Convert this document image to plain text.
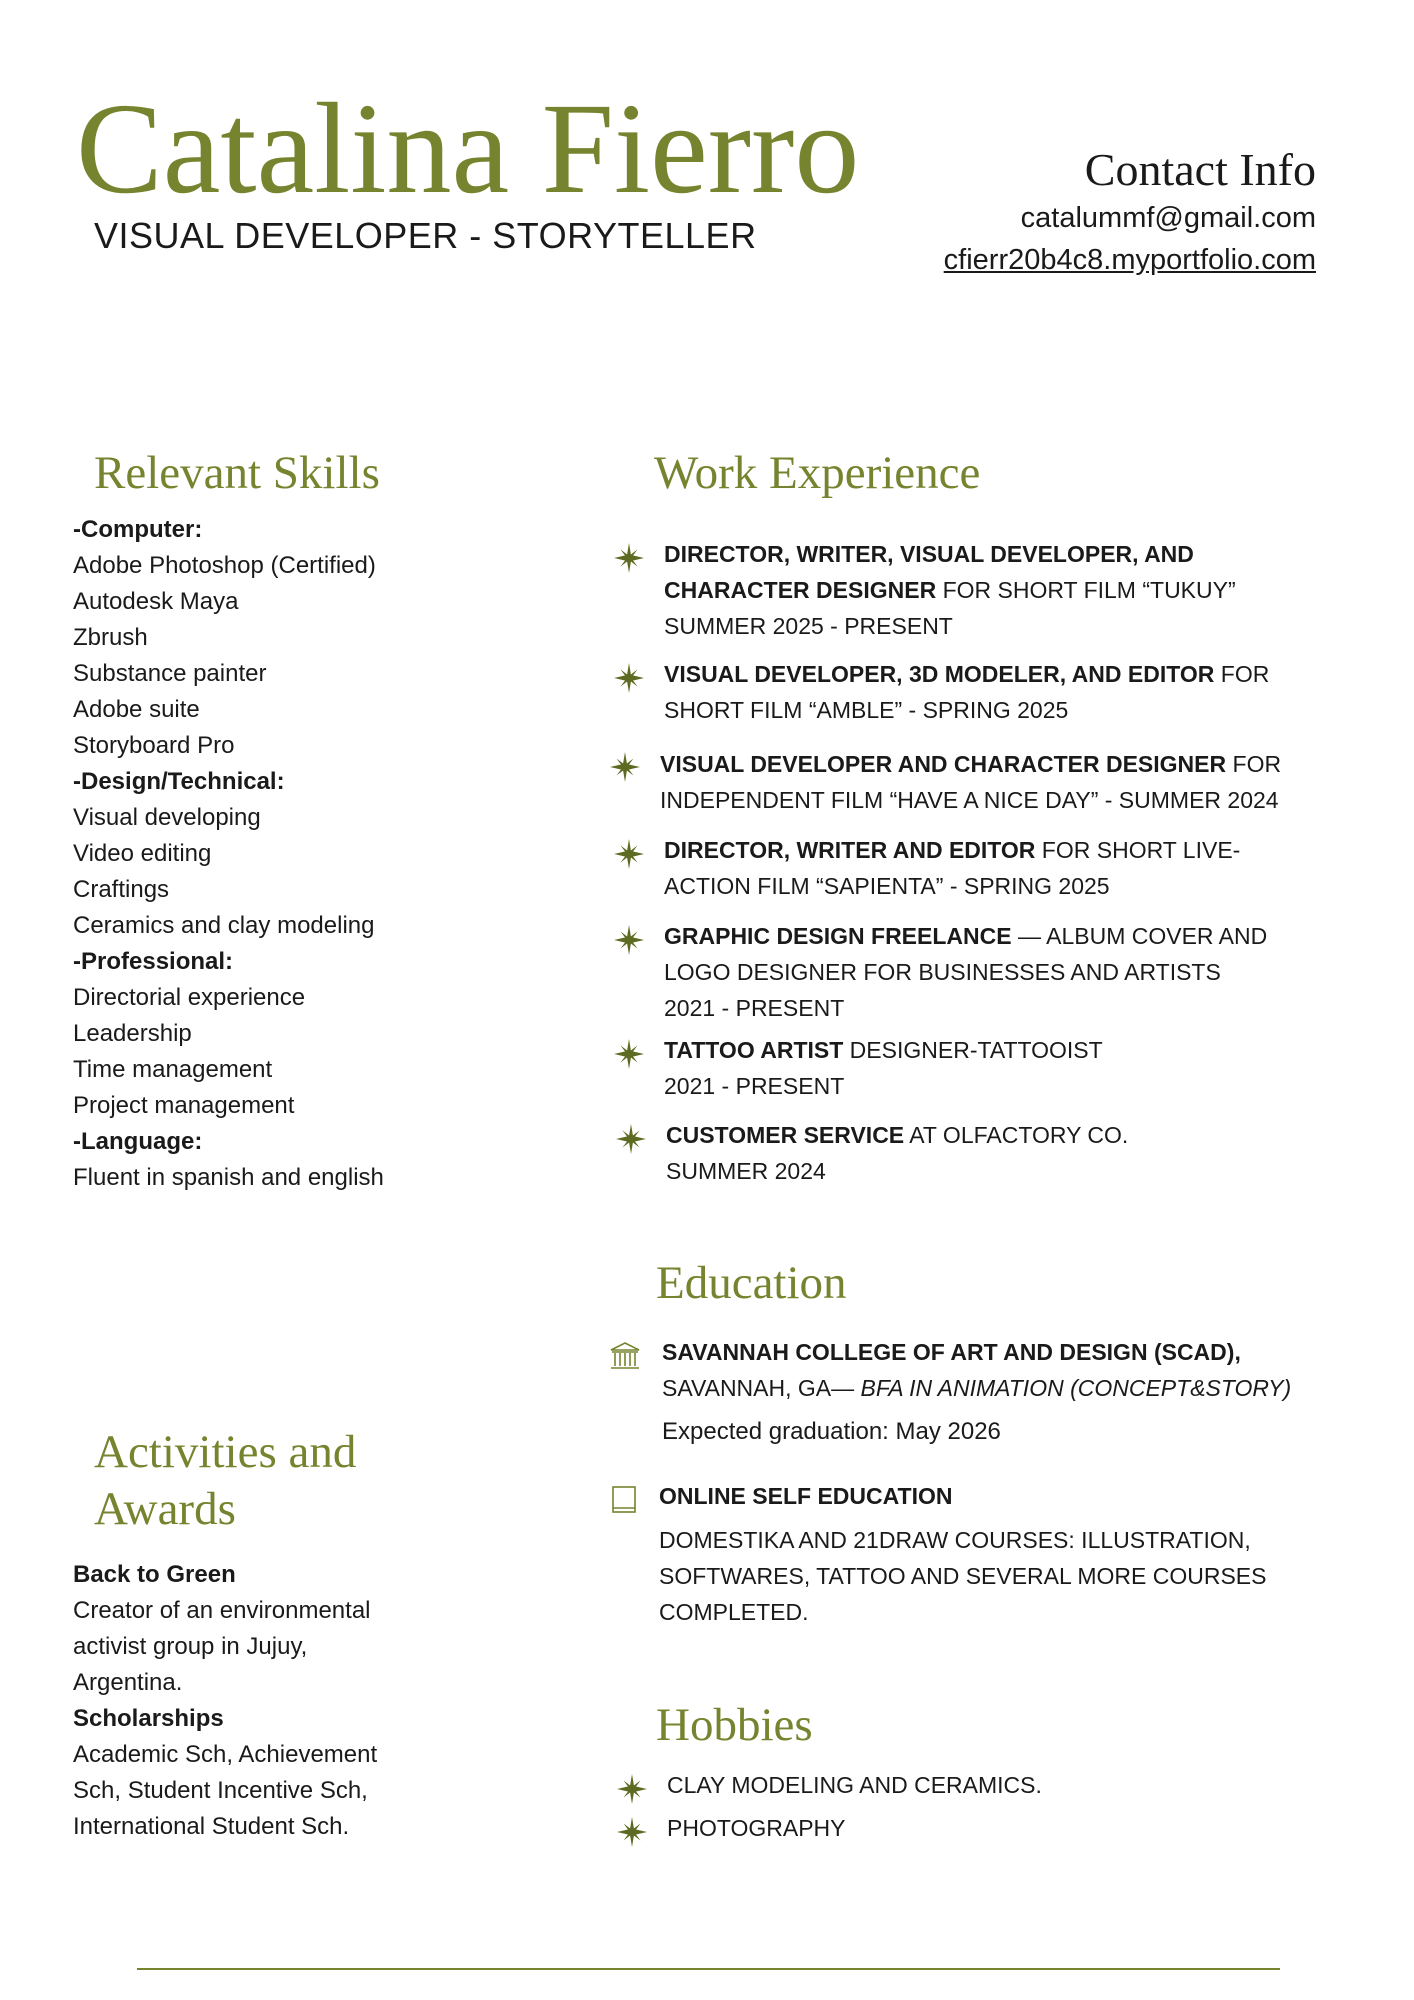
Catalina Fierro
VISUAL DEVELOPER - STORYTELLER
Contact Info
catalummf@gmail.com
cfierr20b4c8.myportfolio.com
Relevant Skills
-Computer:
Adobe Photoshop (Certified)
Autodesk Maya
Zbrush
Substance painter
Adobe suite
Storyboard Pro
-Design/Technical:
Visual developing
Video editing
Craftings
Ceramics and clay modeling
-Professional:
Directorial experience
Leadership
Time management
Project management
-Language:
Fluent in spanish and english
Activities and
Awards
Back to Green
Creator of an environmental
activist group in Jujuy,
Argentina.
Scholarships
Academic Sch, Achievement
Sch, Student Incentive Sch,
International Student Sch.
Work Experience
DIRECTOR, WRITER, VISUAL DEVELOPER, AND
CHARACTER DESIGNER FOR SHORT FILM “TUKUY”
SUMMER 2025 - PRESENT
VISUAL DEVELOPER, 3D MODELER, AND EDITOR FOR
SHORT FILM “AMBLE” - SPRING 2025
VISUAL DEVELOPER AND CHARACTER DESIGNER FOR
INDEPENDENT FILM “HAVE A NICE DAY” - SUMMER 2024
DIRECTOR, WRITER AND EDITOR FOR SHORT LIVE-
ACTION FILM “SAPIENTA” - SPRING 2025
GRAPHIC DESIGN FREELANCE — ALBUM COVER AND
LOGO DESIGNER FOR BUSINESSES AND ARTISTS
2021 - PRESENT
TATTOO ARTIST DESIGNER-TATTOOIST
2021 - PRESENT
CUSTOMER SERVICE AT OLFACTORY CO.
SUMMER 2024
Education
SAVANNAH COLLEGE OF ART AND DESIGN (SCAD),
SAVANNAH, GA— BFA IN ANIMATION (CONCEPT&STORY)
Expected graduation: May 2026
ONLINE SELF EDUCATION
DOMESTIKA AND 21DRAW COURSES: ILLUSTRATION,
SOFTWARES, TATTOO AND SEVERAL MORE COURSES
COMPLETED.
Hobbies
CLAY MODELING AND CERAMICS.
PHOTOGRAPHY
